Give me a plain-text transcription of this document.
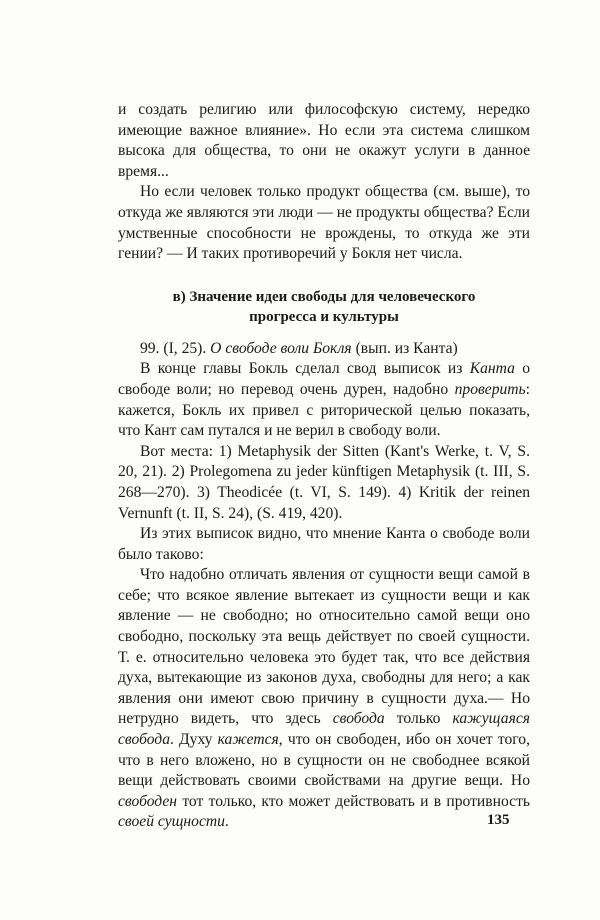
и создать религию или философскую систему, нередко имеющие важное влияние». Но если эта система слишком высока для общества, то они не окажут услуги в данное время...

Но если человек только продукт общества (см. выше), то откуда же являются эти люди — не продукты общества? Если умственные способности не врождены, то откуда же эти гении? — И таких противоречий у Бокля нет числа.

в) Значение идеи свободы для человеческого
прогресса и культуры

99. (I, 25). О свободе воли Бокля (вып. из Канта)

В конце главы Бокль сделал свод выписок из Канта о свободе воли; но перевод очень дурен, надобно проверить: кажется, Бокль их привел с риторической целью показать, что Кант сам путался и не верил в свободу воли.

Вот места: 1) Metaphysik der Sitten (Kant's Werke, t. V, S. 20, 21). 2) Prolegomena zu jeder künftigen Metaphysik (t. III, S. 268—270). 3) Theodicée (t. VI, S. 149). 4) Kritik der reinen Vernunft (t. II, S. 24), (S. 419, 420).

Из этих выписок видно, что мнение Канта о свободе воли было таково:

Что надобно отличать явления от сущности вещи самой в себе; что всякое явление вытекает из сущности вещи и как явление — не свободно; но относительно самой вещи оно свободно, поскольку эта вещь действует по своей сущности. Т. е. относительно человека это будет так, что все действия духа, вытекающие из законов духа, свободны для него; а как явления они имеют свою причину в сущности духа.— Но нетрудно видеть, что здесь свобода только кажущаяся свобода. Духу кажется, что он свободен, ибо он хочет того, что в него вложено, но в сущности он не свободнее всякой вещи действовать своими свойствами на другие вещи. Но свободен тот только, кто может действовать и в противность своей сущности.	135
